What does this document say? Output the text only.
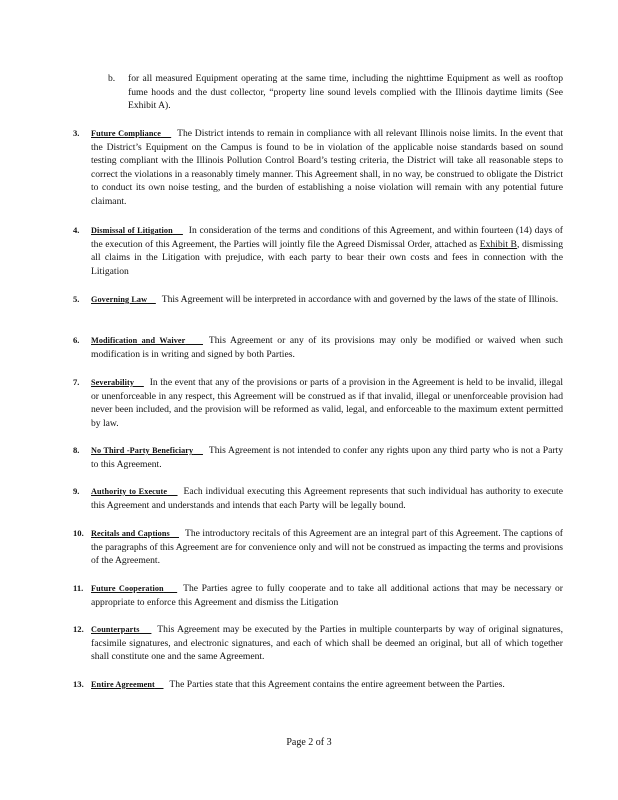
b. for all measured Equipment operating at the same time, including the nighttime Equipment as well as rooftop fume hoods and the dust collector, “property line sound levels complied with the Illinois daytime limits (See Exhibit A).
3. Future Compliance The District intends to remain in compliance with all relevant Illinois noise limits. In the event that the District’s Equipment on the Campus is found to be in violation of the applicable noise standards based on sound testing compliant with the Illinois Pollution Control Board’s testing criteria, the District will take all reasonable steps to correct the violations in a reasonably timely manner. This Agreement shall, in no way, be construed to obligate the District to conduct its own noise testing, and the burden of establishing a noise violation will remain with any potential future claimant.
4. Dismissal of Litigation In consideration of the terms and conditions of this Agreement, and within fourteen (14) days of the execution of this Agreement, the Parties will jointly file the Agreed Dismissal Order, attached as Exhibit B, dismissing all claims in the Litigation with prejudice, with each party to bear their own costs and fees in connection with the Litigation
5. Governing Law This Agreement will be interpreted in accordance with and governed by the laws of the state of Illinois.
6. Modification and Waiver This Agreement or any of its provisions may only be modified or waived when such modification is in writing and signed by both Parties.
7. Severability In the event that any of the provisions or parts of a provision in the Agreement is held to be invalid, illegal or unenforceable in any respect, this Agreement will be construed as if that invalid, illegal or unenforceable provision had never been included, and the provision will be reformed as valid, legal, and enforceable to the maximum extent permitted by law.
8. No Third -Party Beneficiary This Agreement is not intended to confer any rights upon any third party who is not a Party to this Agreement.
9. Authority to Execute Each individual executing this Agreement represents that such individual has authority to execute this Agreement and understands and intends that each Party will be legally bound.
10. Recitals and Captions The introductory recitals of this Agreement are an integral part of this Agreement. The captions of the paragraphs of this Agreement are for convenience only and will not be construed as impacting the terms and provisions of the Agreement.
11. Future Cooperation The Parties agree to fully cooperate and to take all additional actions that may be necessary or appropriate to enforce this Agreement and dismiss the Litigation
12. Counterparts This Agreement may be executed by the Parties in multiple counterparts by way of original signatures, facsimile signatures, and electronic signatures, and each of which shall be deemed an original, but all of which together shall constitute one and the same Agreement.
13. Entire Agreement The Parties state that this Agreement contains the entire agreement between the Parties.
Page 2 of 3
